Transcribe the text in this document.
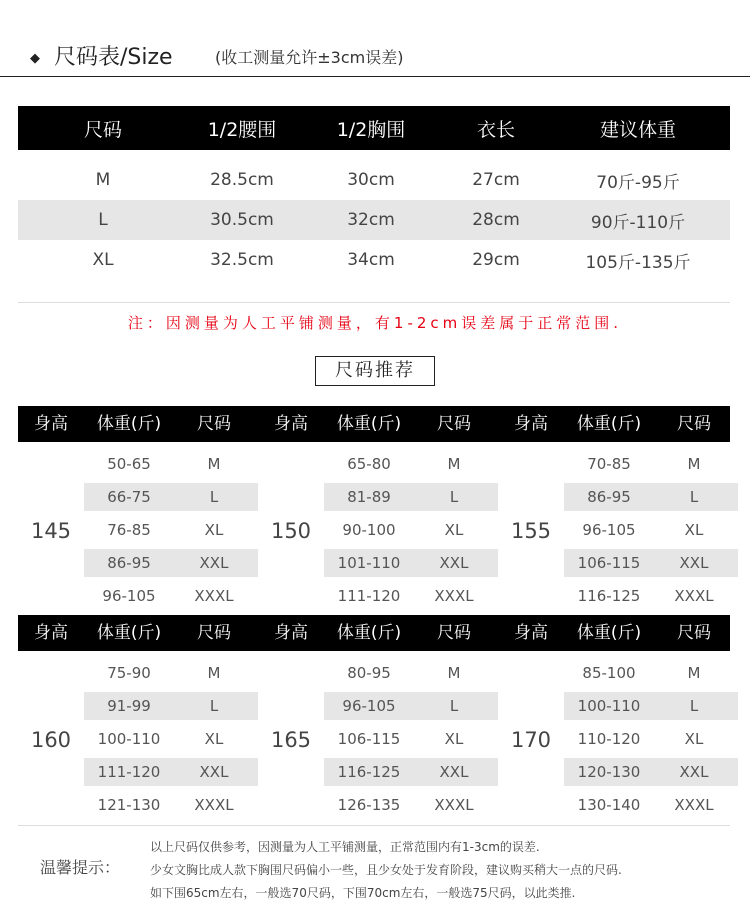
◆ 尺码表/Size	(收工测量允许±3cm误差)
尺码	1/2腰围	1/2胸围	衣长	建议体重
M	28.5cm	30cm	27cm	70斤-95斤
L	30.5cm	32cm	28cm	90斤-110斤
XL	32.5cm	34cm	29cm	105斤-135斤
注：因测量为人工平铺测量，有1-2cm误差属于正常范围.
尺码推荐
身高	体重(斤)	尺码
145
50-65	M
66-75	L
76-85	XL
86-95	XXL
96-105	XXXL
身高	体重(斤)	尺码
150
65-80	M
81-89	L
90-100	XL
101-110	XXL
111-120	XXXL
身高	体重(斤)	尺码
155
70-85	M
86-95	L
96-105	XL
106-115	XXL
116-125	XXXL
身高	体重(斤)	尺码
160
75-90	M
91-99	L
100-110	XL
111-120	XXL
121-130	XXXL
身高	体重(斤)	尺码
165
80-95	M
96-105	L
106-115	XL
116-125	XXL
126-135	XXXL
身高	体重(斤)	尺码
170
85-100	M
100-110	L
110-120	XL
120-130	XXL
130-140	XXXL
温馨提示：
以上尺码仅供参考，因测量为人工平铺测量，正常范围内有1-3cm的误差.
少女文胸比成人款下胸围尺码偏小一些，且少女处于发育阶段，建议购买稍大一点的尺码.
如下围65cm左右，一般选70尺码，下围70cm左右，一般选75尺码，以此类推.
